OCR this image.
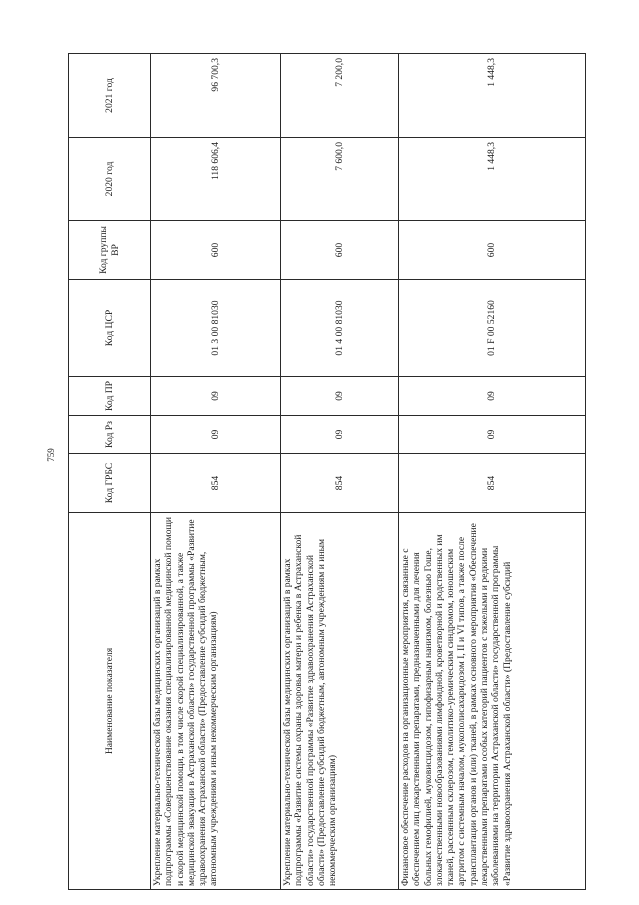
759
Наименование показателя	Код ГРБС	Код Рз	Код ПР	Код ЦСР	Код группы ВР	2020 год	2021 год
Укрепление материально-технической базы медицинских организаций в рамках подпрограммы «Совершенствование оказания специализированной медицинской помощи и скорой медицинской помощи, в том числе скорой специализированной, а также медицинской эвакуации в Астраханской области» государственной программы «Развитие здравоохранения Астраханской области» (Предоставление субсидий бюджетным, автономным учреждениям и иным некоммерческим организациям)	854	09	09	01 3 00 81030	600	118 606,4	96 700,3
Укрепление материально-технической базы медицинских организаций в рамках подпрограммы «Развитие системы охраны здоровья матери и ребенка в Астраханской области» государственной программы «Развитие здравоохранения Астраханской области» (Предоставление субсидий бюджетным, автономным учреждениям и иным некоммерческим организациям)	854	09	09	01 4 00 81030	600	7 600,0	7 200,0
Финансовое обеспечение расходов на организационные мероприятия, связанные с обеспечением лиц лекарственными препаратами, предназначенными для лечения больных гемофилией, муковисцидозом, гипофизарным нанизмом, болезнью Гоше, злокачественными новообразованиями лимфоидной, кроветворной и родственных им тканей, рассеянным склерозом, гемолитико-уремическим синдромом, юношеским артритом с системным началом, мукополисахаридозом I, II и VI типов, а также после трансплантации органов и (или) тканей, в рамках основного мероприятия «Обеспечение лекарственными препаратами особых категорий пациентов с тяжелыми и редкими заболеваниями на территории Астраханской области» государственной программы «Развитие здравоохранения Астраханской области» (Предоставление субсидий	854	09	09	01 F 00 52160	600	1 448,3	1 448,3
